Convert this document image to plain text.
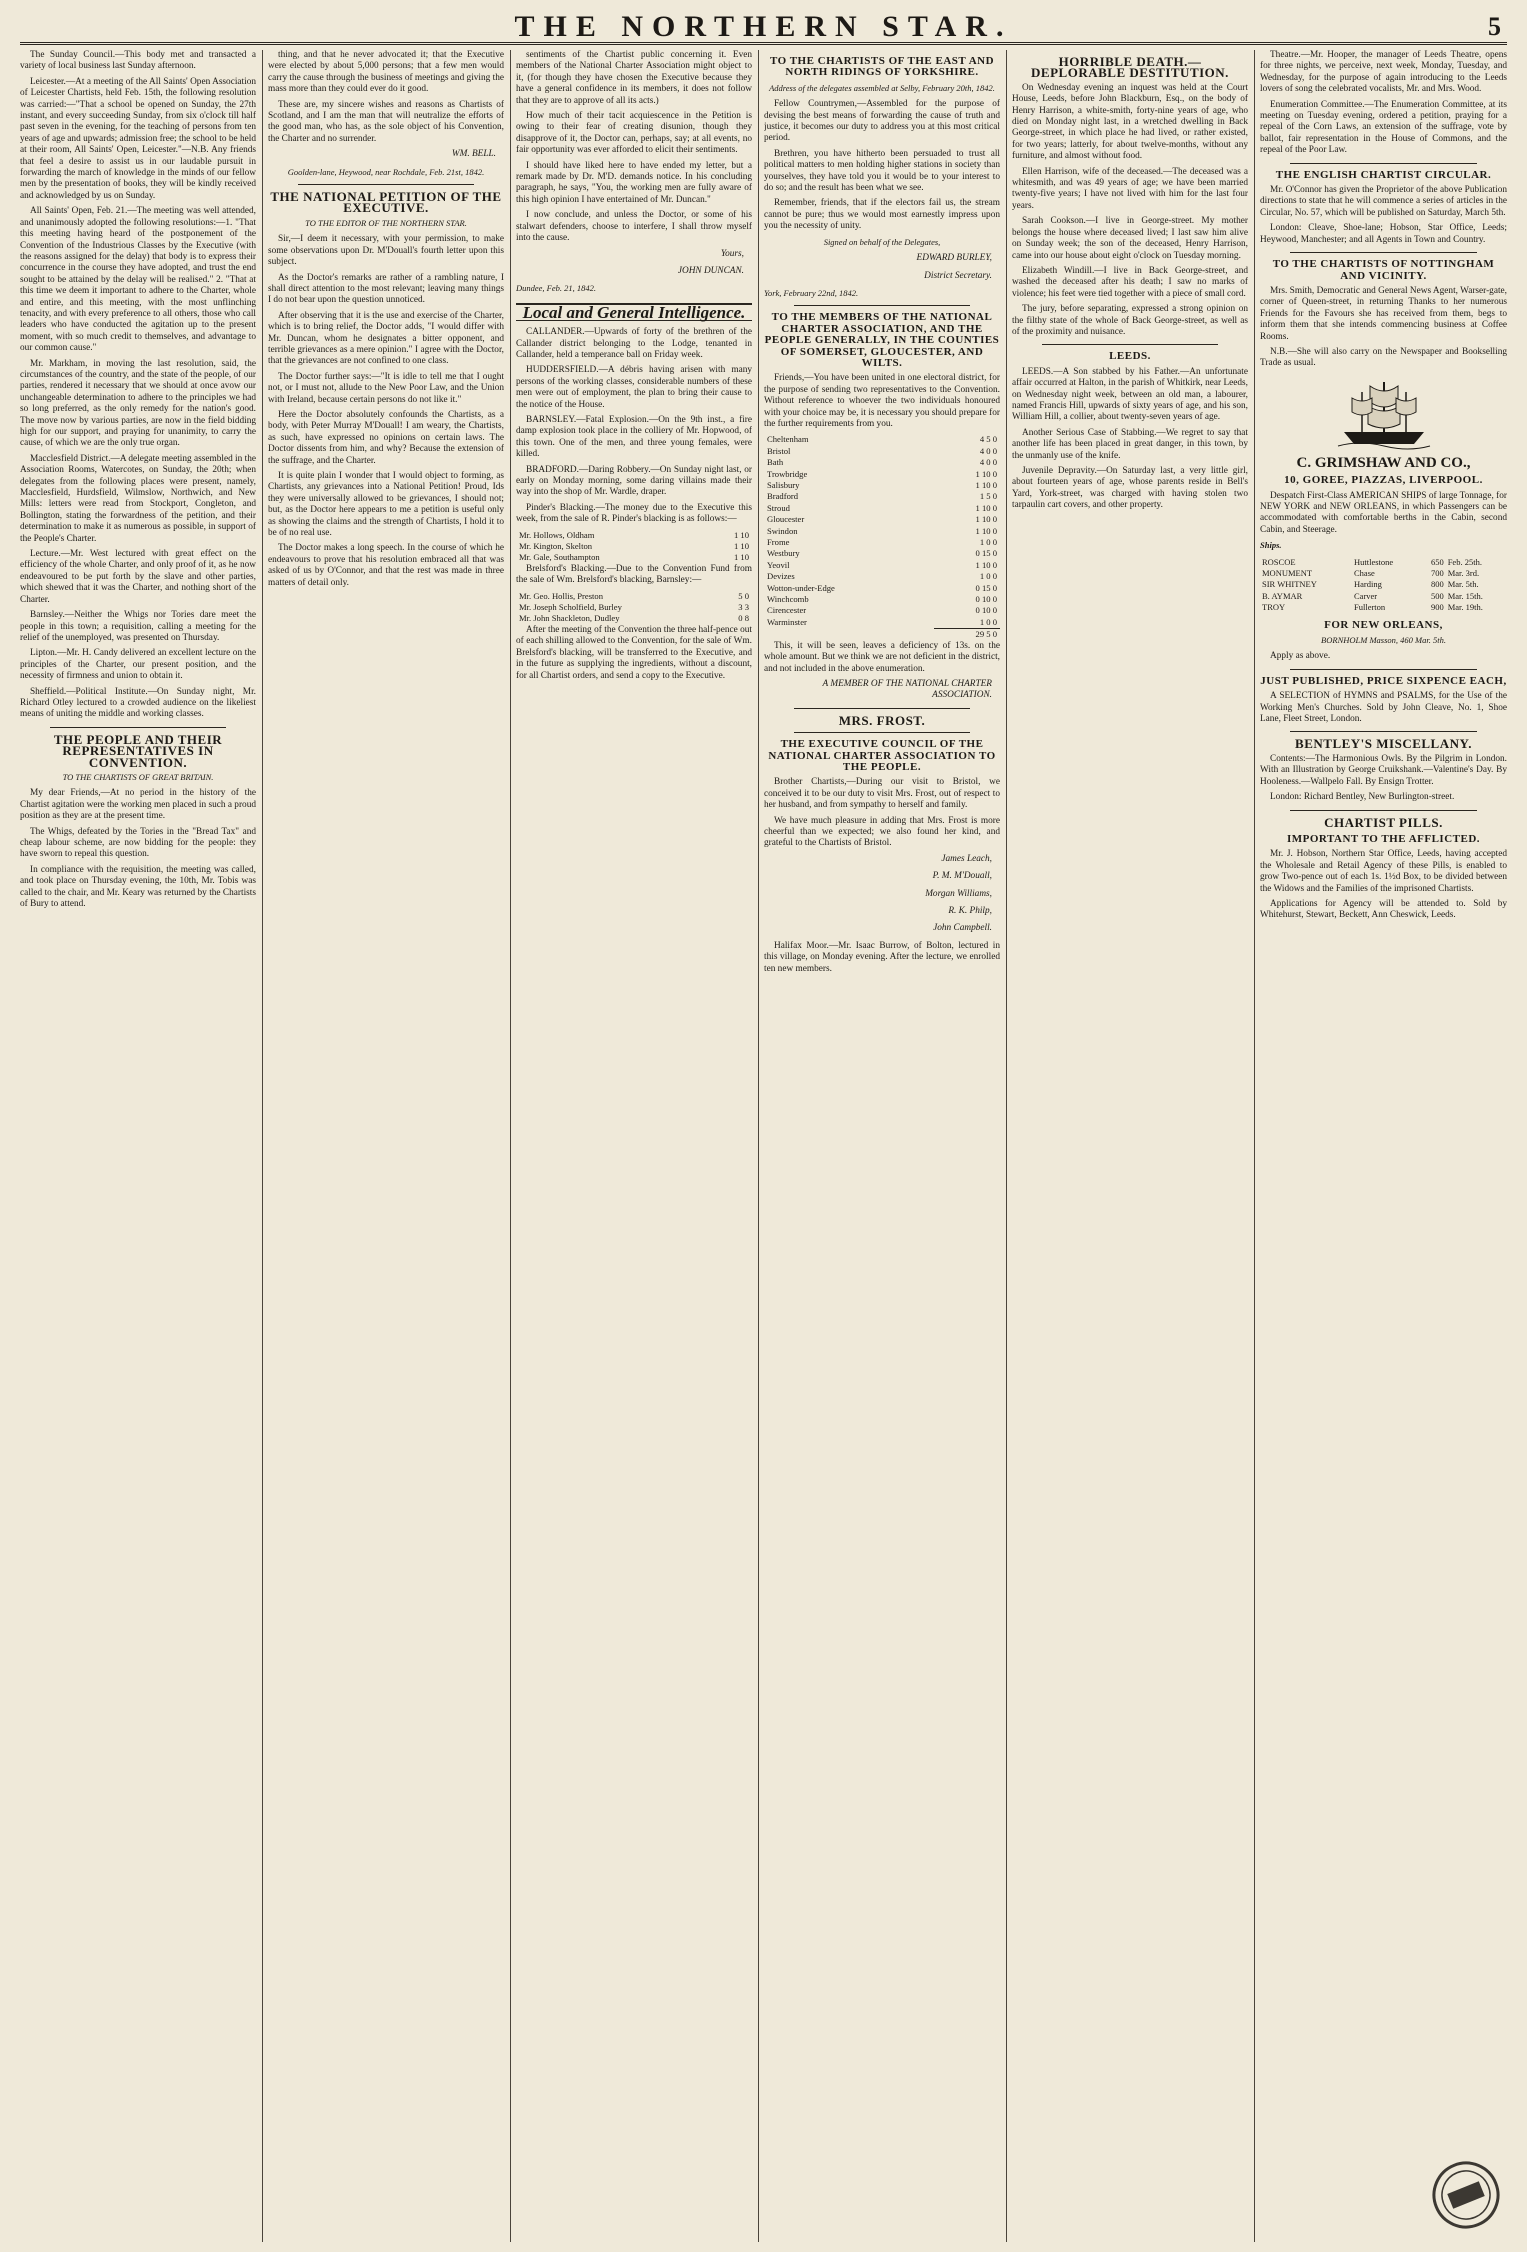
THE NORTHERN STAR.	5

The Sunday Council.—This body met and transacted a variety of local business last Sunday afternoon.

Leicester.—At a meeting of the All Saints' Open Association of Leicester Chartists, held Feb. 15th, the following resolution was carried:—"That a school be opened on Sunday, the 27th instant, and every succeeding Sunday, from six o'clock till half past seven in the evening, for the teaching of persons from ten years of age and upwards; admission free; the school to be held at their room, All Saints' Open, Leicester."—N.B. Any friends that feel a desire to assist us in our laudable pursuit in forwarding the march of knowledge in the minds of our fellow men by the presentation of books, they will be kindly received and acknowledged by us on Sunday.

All Saints' Open, Feb. 21.—The meeting was well attended, and unanimously adopted the following resolutions:—1. "That this meeting having heard of the postponement of the Convention of the Industrious Classes by the Executive (with the reasons assigned for the delay) that body is to express their concurrence in the course they have adopted, and trust the end sought to be attained by the delay will be realised." 2. "That at this time we deem it important to adhere to the Charter, whole and entire, and this meeting, with the most unflinching tenacity, and with every preference to all others, those who call leaders who have conducted the agitation up to the present moment, with so much credit to themselves, and advantage to our common cause."

Mr. Markham, in moving the last resolution, said, the circumstances of the country, and the state of the people, of our parties, rendered it necessary that we should at once avow our unchangeable determination to adhere to the principles we had so long preferred, as the only remedy for the nation's good. The move now by various parties, are now in the field bidding high for our support, and praying for unanimity, to carry the cause, of which we are the only true organ.

Macclesfield District.—A delegate meeting assembled in the Association Rooms, Watercotes, on Sunday, the 20th; when delegates from the following places were present, namely, Macclesfield, Hurdsfield, Wilmslow, Northwich, and New Mills: letters were read from Stockport, Congleton, and Bollington, stating the forwardness of the petition, and their determination to make it as numerous as possible, in support of the People's Charter.

Lecture.—Mr. West lectured with great effect on the efficiency of the whole Charter, and only proof of it, as he now endeavoured to be put forth by the slave and other parties, which shewed that it was the Charter, and nothing short of the Charter.

Barnsley.—Neither the Whigs nor Tories dare meet the people in this town; a requisition, calling a meeting for the relief of the unemployed, was presented on Thursday.

Lipton.—Mr. H. Candy delivered an excellent lecture on the principles of the Charter, our present position, and the necessity of firmness and union to obtain it.

Sheffield.—Political Institute.—On Sunday night, Mr. Richard Otley lectured to a crowded audience on the likeliest means of uniting the middle and working classes.

THE PEOPLE AND THEIR REPRESENTATIVES IN CONVENTION.
TO THE CHARTISTS OF GREAT BRITAIN.

My dear Friends,—At no period in the history of the Chartist agitation were the working men placed in such a proud position as they are at the present time.

The Whigs, defeated by the Tories in the "Bread Tax" and cheap labour scheme, are now bidding for the people: they have sworn to repeal this question.

In compliance with the requisition, the meeting was called, and took place on Thursday evening, the 10th, Mr. Tobis was called to the chair, and Mr. Keary was returned by the Chartists of Bury to attend.

thing, and that he never advocated it; that the Executive were elected by about 5,000 persons; that a few men would carry the cause through the business of meetings and giving the mass more than they could ever do it good.

These are, my sincere wishes and reasons as Chartists of Scotland, and I am the man that will neutralize the efforts of the good man, who has, as the sole object of his Convention, the Charter and no surrender.

WM. BELL.
Goolden-lane, Heywood, near Rochdale, Feb. 21st, 1842.
THE NATIONAL PETITION OF THE EXECUTIVE.
TO THE EDITOR OF THE NORTHERN STAR.

Sir,—I deem it necessary, with your permission, to make some observations upon Dr. M'Douall's fourth letter upon this subject.

As the Doctor's remarks are rather of a rambling nature, I shall direct attention to the most relevant; leaving many things I do not bear upon the question unnoticed.

After observing that it is the use and exercise of the Charter, which is to bring relief, the Doctor adds, "I would differ with Mr. Duncan, whom he designates a bitter opponent, and terrible grievances as a mere opinion." I agree with the Doctor, that the grievances are not confined to one class.

The Doctor further says:—"It is idle to tell me that I ought not, or I must not, allude to the New Poor Law, and the Union with Ireland, because certain persons do not like it."

Here the Doctor absolutely confounds the Chartists, as a body, with Peter Murray M'Douall! I am weary, the Chartists, as such, have expressed no opinions on certain laws. The Doctor dissents from him, and why? Because the extension of the suffrage, and the Charter.

It is quite plain I wonder that I would object to forming, as Chartists, any grievances into a National Petition! Proud, Ids they were universally allowed to be grievances, I should not; but, as the Doctor here appears to me a petition is useful only as showing the claims and the strength of Chartists, I hold it to be of no real use.

The Doctor makes a long speech. In the course of which he endeavours to prove that his resolution embraced all that was asked of us by O'Connor, and that the rest was made in three matters of detail only.

sentiments of the Chartist public concerning it. Even members of the National Charter Association might object to it, (for though they have chosen the Executive because they have a general confidence in its members, it does not follow that they are to approve of all its acts.)

How much of their tacit acquiescence in the Petition is owing to their fear of creating disunion, though they disapprove of it, the Doctor can, perhaps, say; at all events, no fair opportunity was ever afforded to elicit their sentiments.

I should have liked here to have ended my letter, but a remark made by Dr. M'D. demands notice. In his concluding paragraph, he says, "You, the working men are fully aware of this high opinion I have entertained of Mr. Duncan."

I now conclude, and unless the Doctor, or some of his stalwart defenders, choose to interfere, I shall throw myself into the cause.

Yours,
JOHN DUNCAN.
Dundee, Feb. 21, 1842.
Local and General Intelligence.

CALLANDER.—Upwards of forty of the brethren of the Callander district belonging to the Lodge, tenanted in Callander, held a temperance ball on Friday week.

HUDDERSFIELD.—A débris having arisen with many persons of the working classes, considerable numbers of these men were out of employment, the plan to bring their cause to the notice of the House.

BARNSLEY.—Fatal Explosion.—On the 9th inst., a fire damp explosion took place in the colliery of Mr. Hopwood, of this town. One of the men, and three young females, were killed.

BRADFORD.—Daring Robbery.—On Sunday night last, or early on Monday morning, some daring villains made their way into the shop of Mr. Wardle, draper.

Pinder's Blacking.—The money due to the Executive this week, from the sale of R. Pinder's blacking is as follows:—

Mr. Hollows, Oldham	1 10
Mr. Kington, Skelton	1 10
Mr. Gale, Southampton	1 10

Brelsford's Blacking.—Due to the Convention Fund from the sale of Wm. Brelsford's blacking, Barnsley:—

Mr. Geo. Hollis, Preston	5 0
Mr. Joseph Scholfield, Burley	3 3
Mr. John Shackleton, Dudley	0 8

After the meeting of the Convention the three half-pence out of each shilling allowed to the Convention, for the sale of Wm. Brelsford's blacking, will be transferred to the Executive, and in the future as supplying the ingredients, without a discount, for all Chartist orders, and send a copy to the Executive.

TO THE CHARTISTS OF THE EAST AND NORTH RIDINGS OF YORKSHIRE.
Address of the delegates assembled at Selby, February 20th, 1842.

Fellow Countrymen,—Assembled for the purpose of devising the best means of forwarding the cause of truth and justice, it becomes our duty to address you at this most critical period.

Brethren, you have hitherto been persuaded to trust all political matters to men holding higher stations in society than yourselves, they have told you it would be to your interest to do so; and the result has been what we see.

Remember, friends, that if the electors fail us, the stream cannot be pure; thus we would most earnestly impress upon you the necessity of unity.

Signed on behalf of the Delegates,
EDWARD BURLEY,
District Secretary.
York, February 22nd, 1842.
TO THE MEMBERS OF THE NATIONAL CHARTER ASSOCIATION, AND THE PEOPLE GENERALLY, IN THE COUNTIES OF SOMERSET, GLOUCESTER, AND WILTS.

Friends,—You have been united in one electoral district, for the purpose of sending two representatives to the Convention. Without reference to whoever the two individuals honoured with your choice may be, it is necessary you should prepare for the further requirements from you.

Cheltenham	4 5 0
Bristol	4 0 0
Bath	4 0 0
Trowbridge	1 10 0
Salisbury	1 10 0
Bradford	1 5 0
Stroud	1 10 0
Gloucester	1 10 0
Swindon	1 10 0
Frome	1 0 0
Westbury	0 15 0
Yeovil	1 10 0
Devizes	1 0 0
Wotton-under-Edge	0 15 0
Winchcomb	0 10 0
Cirencester	0 10 0
Warminster	1 0 0
	29 5 0

This, it will be seen, leaves a deficiency of 13s. on the whole amount. But we think we are not deficient in the district, and not included in the above enumeration.

A MEMBER OF THE NATIONAL CHARTER ASSOCIATION.
MRS. FROST.
THE EXECUTIVE COUNCIL OF THE NATIONAL CHARTER ASSOCIATION TO THE PEOPLE.

Brother Chartists,—During our visit to Bristol, we conceived it to be our duty to visit Mrs. Frost, out of respect to her husband, and from sympathy to herself and family.

We have much pleasure in adding that Mrs. Frost is more cheerful than we expected; we also found her kind, and grateful to the Chartists of Bristol.

James Leach,
P. M. M'Douall,
Morgan Williams,
R. K. Philp,
John Campbell.

Halifax Moor.—Mr. Isaac Burrow, of Bolton, lectured in this village, on Monday evening. After the lecture, we enrolled ten new members.

HORRIBLE DEATH.—DEPLORABLE DESTITUTION.

On Wednesday evening an inquest was held at the Court House, Leeds, before John Blackburn, Esq., on the body of Henry Harrison, a white-smith, forty-nine years of age, who died on Monday night last, in a wretched dwelling in Back George-street, in which place he had lived, or rather existed, for two years; latterly, for about twelve-months, without any furniture, and almost without food.

Ellen Harrison, wife of the deceased.—The deceased was a whitesmith, and was 49 years of age; we have been married twenty-five years; I have not lived with him for the last four years.

Sarah Cookson.—I live in George-street. My mother belongs the house where deceased lived; I last saw him alive on Sunday week; the son of the deceased, Henry Harrison, came into our house about eight o'clock on Tuesday morning.

Elizabeth Windill.—I live in Back George-street, and washed the deceased after his death; I saw no marks of violence; his feet were tied together with a piece of small cord.

The jury, before separating, expressed a strong opinion on the filthy state of the whole of Back George-street, as well as of the proximity and nuisance.

LEEDS.

LEEDS.—A Son stabbed by his Father.—An unfortunate affair occurred at Halton, in the parish of Whitkirk, near Leeds, on Wednesday night week, between an old man, a labourer, named Francis Hill, upwards of sixty years of age, and his son, William Hill, a collier, about twenty-seven years of age.

Another Serious Case of Stabbing.—We regret to say that another life has been placed in great danger, in this town, by the unmanly use of the knife.

Juvenile Depravity.—On Saturday last, a very little girl, about fourteen years of age, whose parents reside in Bell's Yard, York-street, was charged with having stolen two tarpaulin cart covers, and other property.

Theatre.—Mr. Hooper, the manager of Leeds Theatre, opens for three nights, we perceive, next week, Monday, Tuesday, and Wednesday, for the purpose of again introducing to the Leeds lovers of song the celebrated vocalists, Mr. and Mrs. Wood.

Enumeration Committee.—The Enumeration Committee, at its meeting on Tuesday evening, ordered a petition, praying for a repeal of the Corn Laws, an extension of the suffrage, vote by ballot, fair representation in the House of Commons, and the repeal of the Poor Law.

THE ENGLISH CHARTIST CIRCULAR.

Mr. O'Connor has given the Proprietor of the above Publication directions to state that he will commence a series of articles in the Circular, No. 57, which will be published on Saturday, March 5th.

London: Cleave, Shoe-lane; Hobson, Star Office, Leeds; Heywood, Manchester; and all Agents in Town and Country.

TO THE CHARTISTS OF NOTTINGHAM AND VICINITY.

Mrs. Smith, Democratic and General News Agent, Warser-gate, corner of Queen-street, in returning Thanks to her numerous Friends for the Favours she has received from them, begs to inform them that she intends commencing business at Coffee Rooms.

N.B.—She will also carry on the Newspaper and Bookselling Trade as usual.

C. GRIMSHAW AND CO.,
10, GOREE, PIAZZAS, LIVERPOOL.

Despatch First-Class AMERICAN SHIPS of large Tonnage, for NEW YORK and NEW ORLEANS, in which Passengers can be accommodated with comfortable berths in the Cabin, second Cabin, and Steerage.

Ships.
ROSCOE	Huttlestone	650	Feb. 25th.
MONUMENT	Chase	700	Mar. 3rd.
SIR WHITNEY	Harding	800	Mar. 5th.
B. AYMAR	Carver	500	Mar. 15th.
TROY	Fullerton	900	Mar. 19th.
FOR NEW ORLEANS,
BORNHOLM Masson, 460 Mar. 5th.

Apply as above.

JUST PUBLISHED, PRICE SIXPENCE EACH,

A SELECTION of HYMNS and PSALMS, for the Use of the Working Men's Churches. Sold by John Cleave, No. 1, Shoe Lane, Fleet Street, London.

BENTLEY'S MISCELLANY.

Contents:—The Harmonious Owls. By the Pilgrim in London. With an Illustration by George Cruikshank.—Valentine's Day. By Hooleness.—Wallpelo Fall. By Ensign Trotter.

London: Richard Bentley, New Burlington-street.

CHARTIST PILLS.
IMPORTANT TO THE AFFLICTED.

Mr. J. Hobson, Northern Star Office, Leeds, having accepted the Wholesale and Retail Agency of these Pills, is enabled to grow Two-pence out of each 1s. 1½d Box, to be divided between the Widows and the Families of the imprisoned Chartists.

Applications for Agency will be attended to. Sold by Whitehurst, Stewart, Beckett, Ann Cheswick, Leeds.
